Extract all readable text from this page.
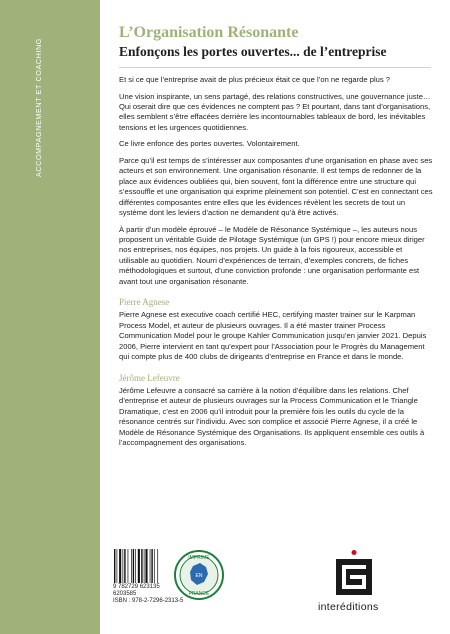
ACCOMPAGNEMENT ET COACHING
L’Organisation Résonante
Enfonçons les portes ouvertes... de l’entreprise

Et si ce que l’entreprise avait de plus précieux était ce que l’on ne regarde plus ?

Une vision inspirante, un sens partagé, des relations constructives, une gouvernance juste… Qui oserait dire que ces évidences ne comptent pas ? Et pourtant, dans tant d’organisations, elles semblent s’être effacées derrière les incontournables tableaux de bord, les inévitables tensions et les urgences quotidiennes.

Ce livre enfonce des portes ouvertes. Volontairement.

Parce qu’il est temps de s’intéresser aux composantes d’une organisation en phase avec ses acteurs et son environnement. Une organisation résonante. Il est temps de redonner de la place aux évidences oubliées qui, bien souvent, font la différence entre une structure qui s’essouffle et une organisation qui exprime pleinement son potentiel. C’est en connectant ces différentes composantes entre elles que les évidences révèlent les secrets de tout un système dont les leviers d’action ne demandent qu’à être activés.

À partir d’un modèle éprouvé – le Modèle de Résonance Systémique –, les auteurs nous proposent un véritable Guide de Pilotage Systémique (un GPS !) pour encore mieux diriger nos entreprises, nos équipes, nos projets. Un guide à la fois rigoureux, accessible et utilisable au quotidien. Nourri d’expériences de terrain, d’exemples concrets, de fiches méthodologiques et surtout, d’une conviction profonde : une organisation performante est avant tout une organisation résonante.

Pierre Agnese

Pierre Agnese est executive coach certifié HEC, certifying master trainer sur le Karpman Process Model, et auteur de plusieurs ouvrages. Il a été master trainer Process Communication Model pour le groupe Kahler Communication jusqu’en janvier 2021. Depuis 2006, Pierre intervient en tant qu’expert pour l’Association pour le Progrès du Management qui compte plus de 400 clubs de dirigeants d’entreprise en France et dans le monde.

Jérôme Lefeuvre

Jérôme Lefeuvre a consacré sa carrière à la notion d’équilibre dans les relations. Chef d’entreprise et auteur de plusieurs ouvrages sur la Process Communication et le Triangle Dramatique, c’est en 2006 qu’il introduit pour la première fois les outils du cycle de la résonance centrés sur l’individu. Avec son complice et associé Pierre Agnese, il a créé le Modèle de Résonance Systémique des Organisations. Ils appliquent ensemble ces outils à l’accompagnement des organisations.

9 782729 623135
6203585
ISBN : 978-2-7296-2313-5
IMPRIMÉ
EN
FRANCE
interéditions
